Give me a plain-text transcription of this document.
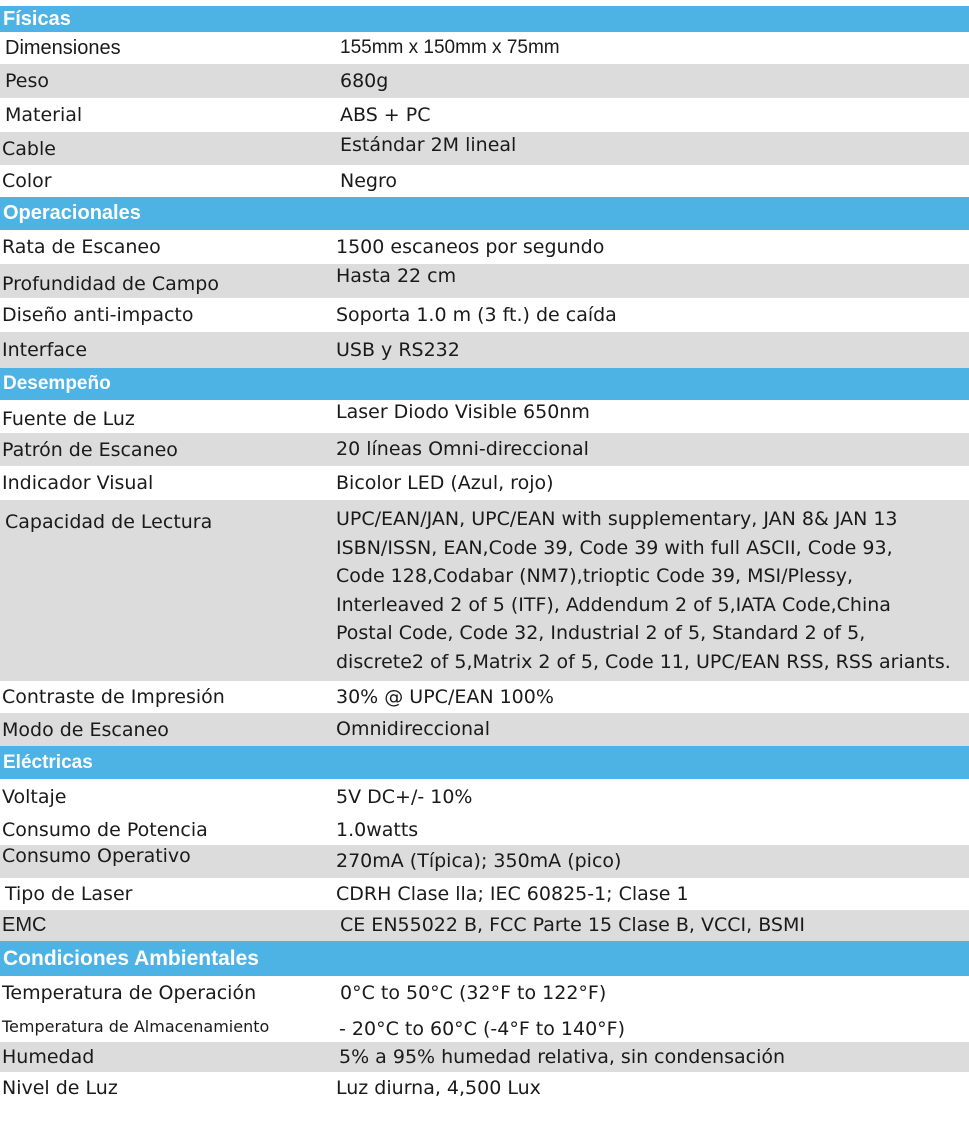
Físicas
Dimensiones	155mm x 150mm x 75mm
Peso	680g
Material	ABS + PC
Cable	Estándar 2M lineal
Color	Negro
Operacionales
Rata de Escaneo	1500 escaneos por segundo
Profundidad de Campo	Hasta 22 cm
Diseño anti-impacto	Soporta 1.0 m (3 ft.) de caída
Interface	USB y RS232
Desempeño
Fuente de Luz	Laser Diodo Visible 650nm
Patrón de Escaneo	20 líneas Omni-direccional
Indicador Visual	Bicolor LED (Azul, rojo)
Capacidad de Lectura	UPC/EAN/JAN, UPC/EAN with supplementary, JAN 8& JAN 13
ISBN/ISSN, EAN,Code 39, Code 39 with full ASCII, Code 93,
Code 128,Codabar (NM7),trioptic Code 39, MSI/Plessy,
Interleaved 2 of 5 (ITF), Addendum 2 of 5,IATA Code,China
Postal Code, Code 32, Industrial 2 of 5, Standard 2 of 5,
discrete2 of 5,Matrix 2 of 5, Code 11, UPC/EAN RSS, RSS ariants.
Contraste de Impresión	30% @ UPC/EAN 100%
Modo de Escaneo	Omnidireccional
Eléctricas
Voltaje	5V DC+/- 10%
Consumo de Potencia	1.0watts
Consumo Operativo	270mA (Típica); 350mA (pico)
Tipo de Laser	CDRH Clase lla; IEC 60825-1; Clase 1
EMC	CE EN55022 B, FCC Parte 15 Clase B, VCCI, BSMI
Condiciones Ambientales
Temperatura de Operación	0°C to 50°C (32°F to 122°F)
Temperatura de Almacenamiento	- 20°C to 60°C (-4°F to 140°F)
Humedad	5% a 95% humedad relativa, sin condensación
Nivel de Luz	Luz diurna, 4,500 Lux
